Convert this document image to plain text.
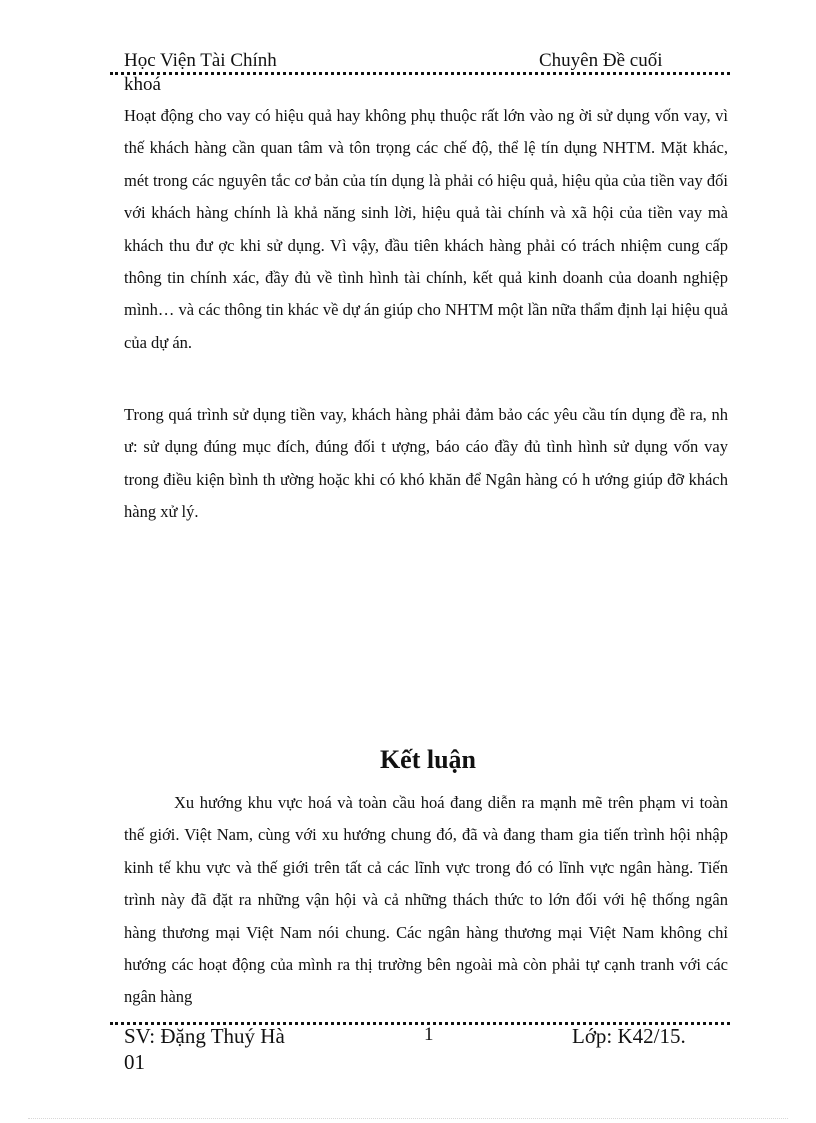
Học Viện Tài Chính	Chuyên Đề cuối
khoá

Hoạt động cho vay có hiệu quả hay không phụ thuộc rất lớn vào ng ời sử dụng vốn vay, vì thế khách hàng cần quan tâm và tôn trọng các chế độ, thể lệ tín dụng NHTM. Mặt khác, mét trong các nguyên tắc cơ bản của tín dụng là phải có hiệu quả, hiệu qủa của tiền vay đối với khách hàng chính là khả năng sinh lời, hiệu quả tài chính và xã hội của tiền vay mà khách thu đư ợc khi sử dụng. Vì vậy, đầu tiên khách hàng phải có trách nhiệm cung cấp thông tin chính xác, đầy đủ về tình hình tài chính, kết quả kinh doanh của doanh nghiệp mình… và các thông tin khác về dự án giúp cho NHTM một lần nữa thẩm định lại hiệu quả của dự án.

Trong quá trình sử dụng tiền vay, khách hàng phải đảm bảo các yêu cầu tín dụng đề ra, nh ư: sử dụng đúng mục đích, đúng đối t ượng, báo cáo đầy đủ tình hình sử dụng vốn vay trong điều kiện bình th ường hoặc khi có khó khăn để Ngân hàng có h ướng giúp đỡ khách hàng xử lý.

Kết luận

Xu hướng khu vực hoá và toàn cầu hoá đang diễn ra mạnh mẽ trên phạm vi toàn thế giới. Việt Nam, cùng với xu hướng chung đó, đã và đang tham gia tiến trình hội nhập kinh tế khu vực và thế giới trên tất cả các lĩnh vực trong đó có lĩnh vực ngân hàng. Tiến trình này đã đặt ra những vận hội và cả những thách thức to lớn đối với hệ thống ngân hàng thương mại Việt Nam nói chung. Các ngân hàng thương mại Việt Nam không chỉ hướng các hoạt động của mình ra thị trường bên ngoài mà còn phải tự cạnh tranh với các ngân hàng

SV: Đặng Thuý Hà	1	Lớp: K42/15.
01
